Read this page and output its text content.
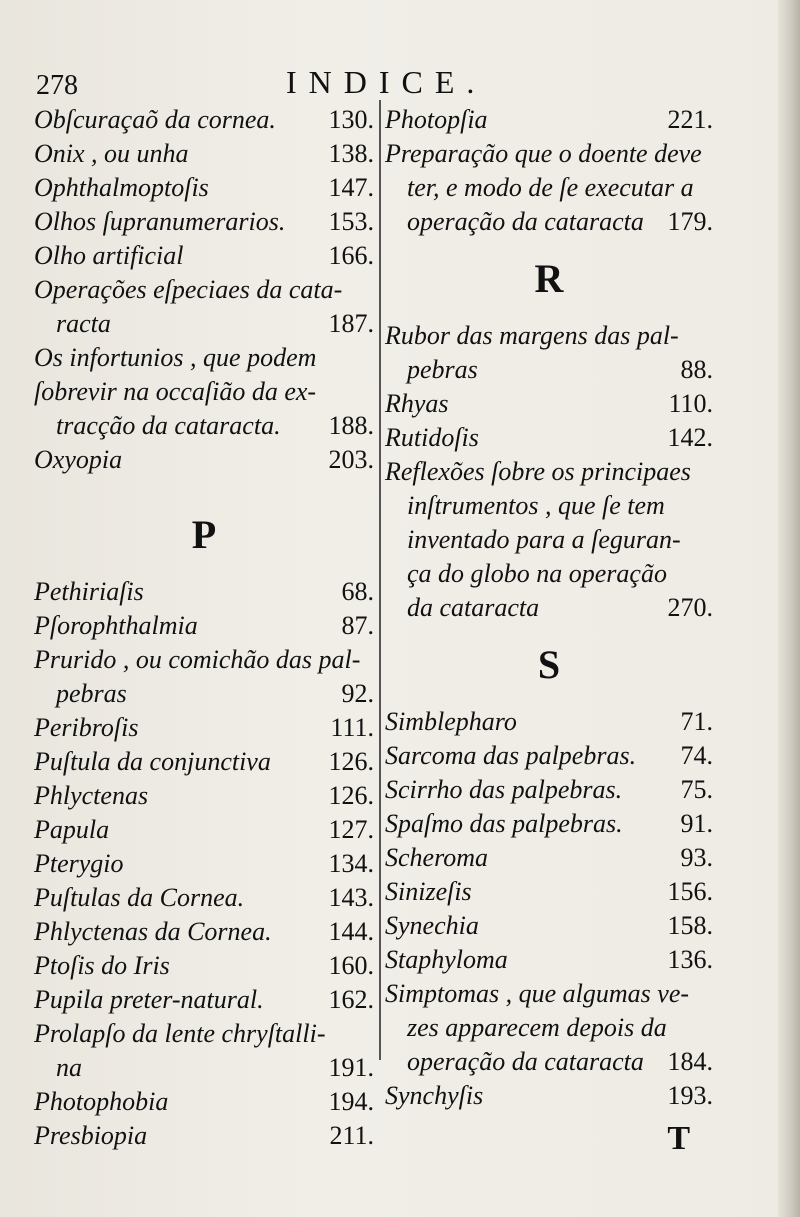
278	INDICE.
Obſcuraçaõ da cornea. 130.
Onix , ou unha	138.
Ophthalmoptoſis	147.
Olhos ſupranumerarios. 153.
Olho artificial	166.
Operações eſpeciaes da cata-
racta	187.
Os infortunios , que podem
ſobrevir na occaſião da ex-
tracção da cataracta. 188.
Oxyopia	203.
P
Pethiriaſis	68.
Pſorophthalmia	87.
Prurido , ou comichão das pal-
pebras	92.
Peribroſis	111.
Puſtula da conjunctiva 126.
Phlyctenas	126.
Papula	127.
Pterygio	134.
Puſtulas da Cornea.	143.
Phlyctenas da Cornea. 144.
Ptoſis do Iris	160.
Pupila preter-natural. 162.
Prolapſo da lente chryſtalli-
na	191.
Photophobia	194.
Presbiopia	211.
Photopſia	221.
Preparação que o doente deve
ter, e modo de ſe executar a
operação da cataracta 179.
R
Rubor das margens das pal-
pebras	88.
Rhyas	110.
Rutidoſis	142.
Reflexões ſobre os principaes
inſtrumentos , que ſe tem
inventado para a ſeguran-
ça do globo na operação
da cataracta	270.
S
Simblepharo	71.
Sarcoma das palpebras. 74.
Scirrho das palpebras. 75.
Spaſmo das palpebras. 91.
Scheroma	93.
Sinizeſis	156.
Synechia	158.
Staphyloma	136.
Simptomas , que algumas ve-
zes apparecem depois da
operação da cataracta 184.
Synchyſis	193.
T
